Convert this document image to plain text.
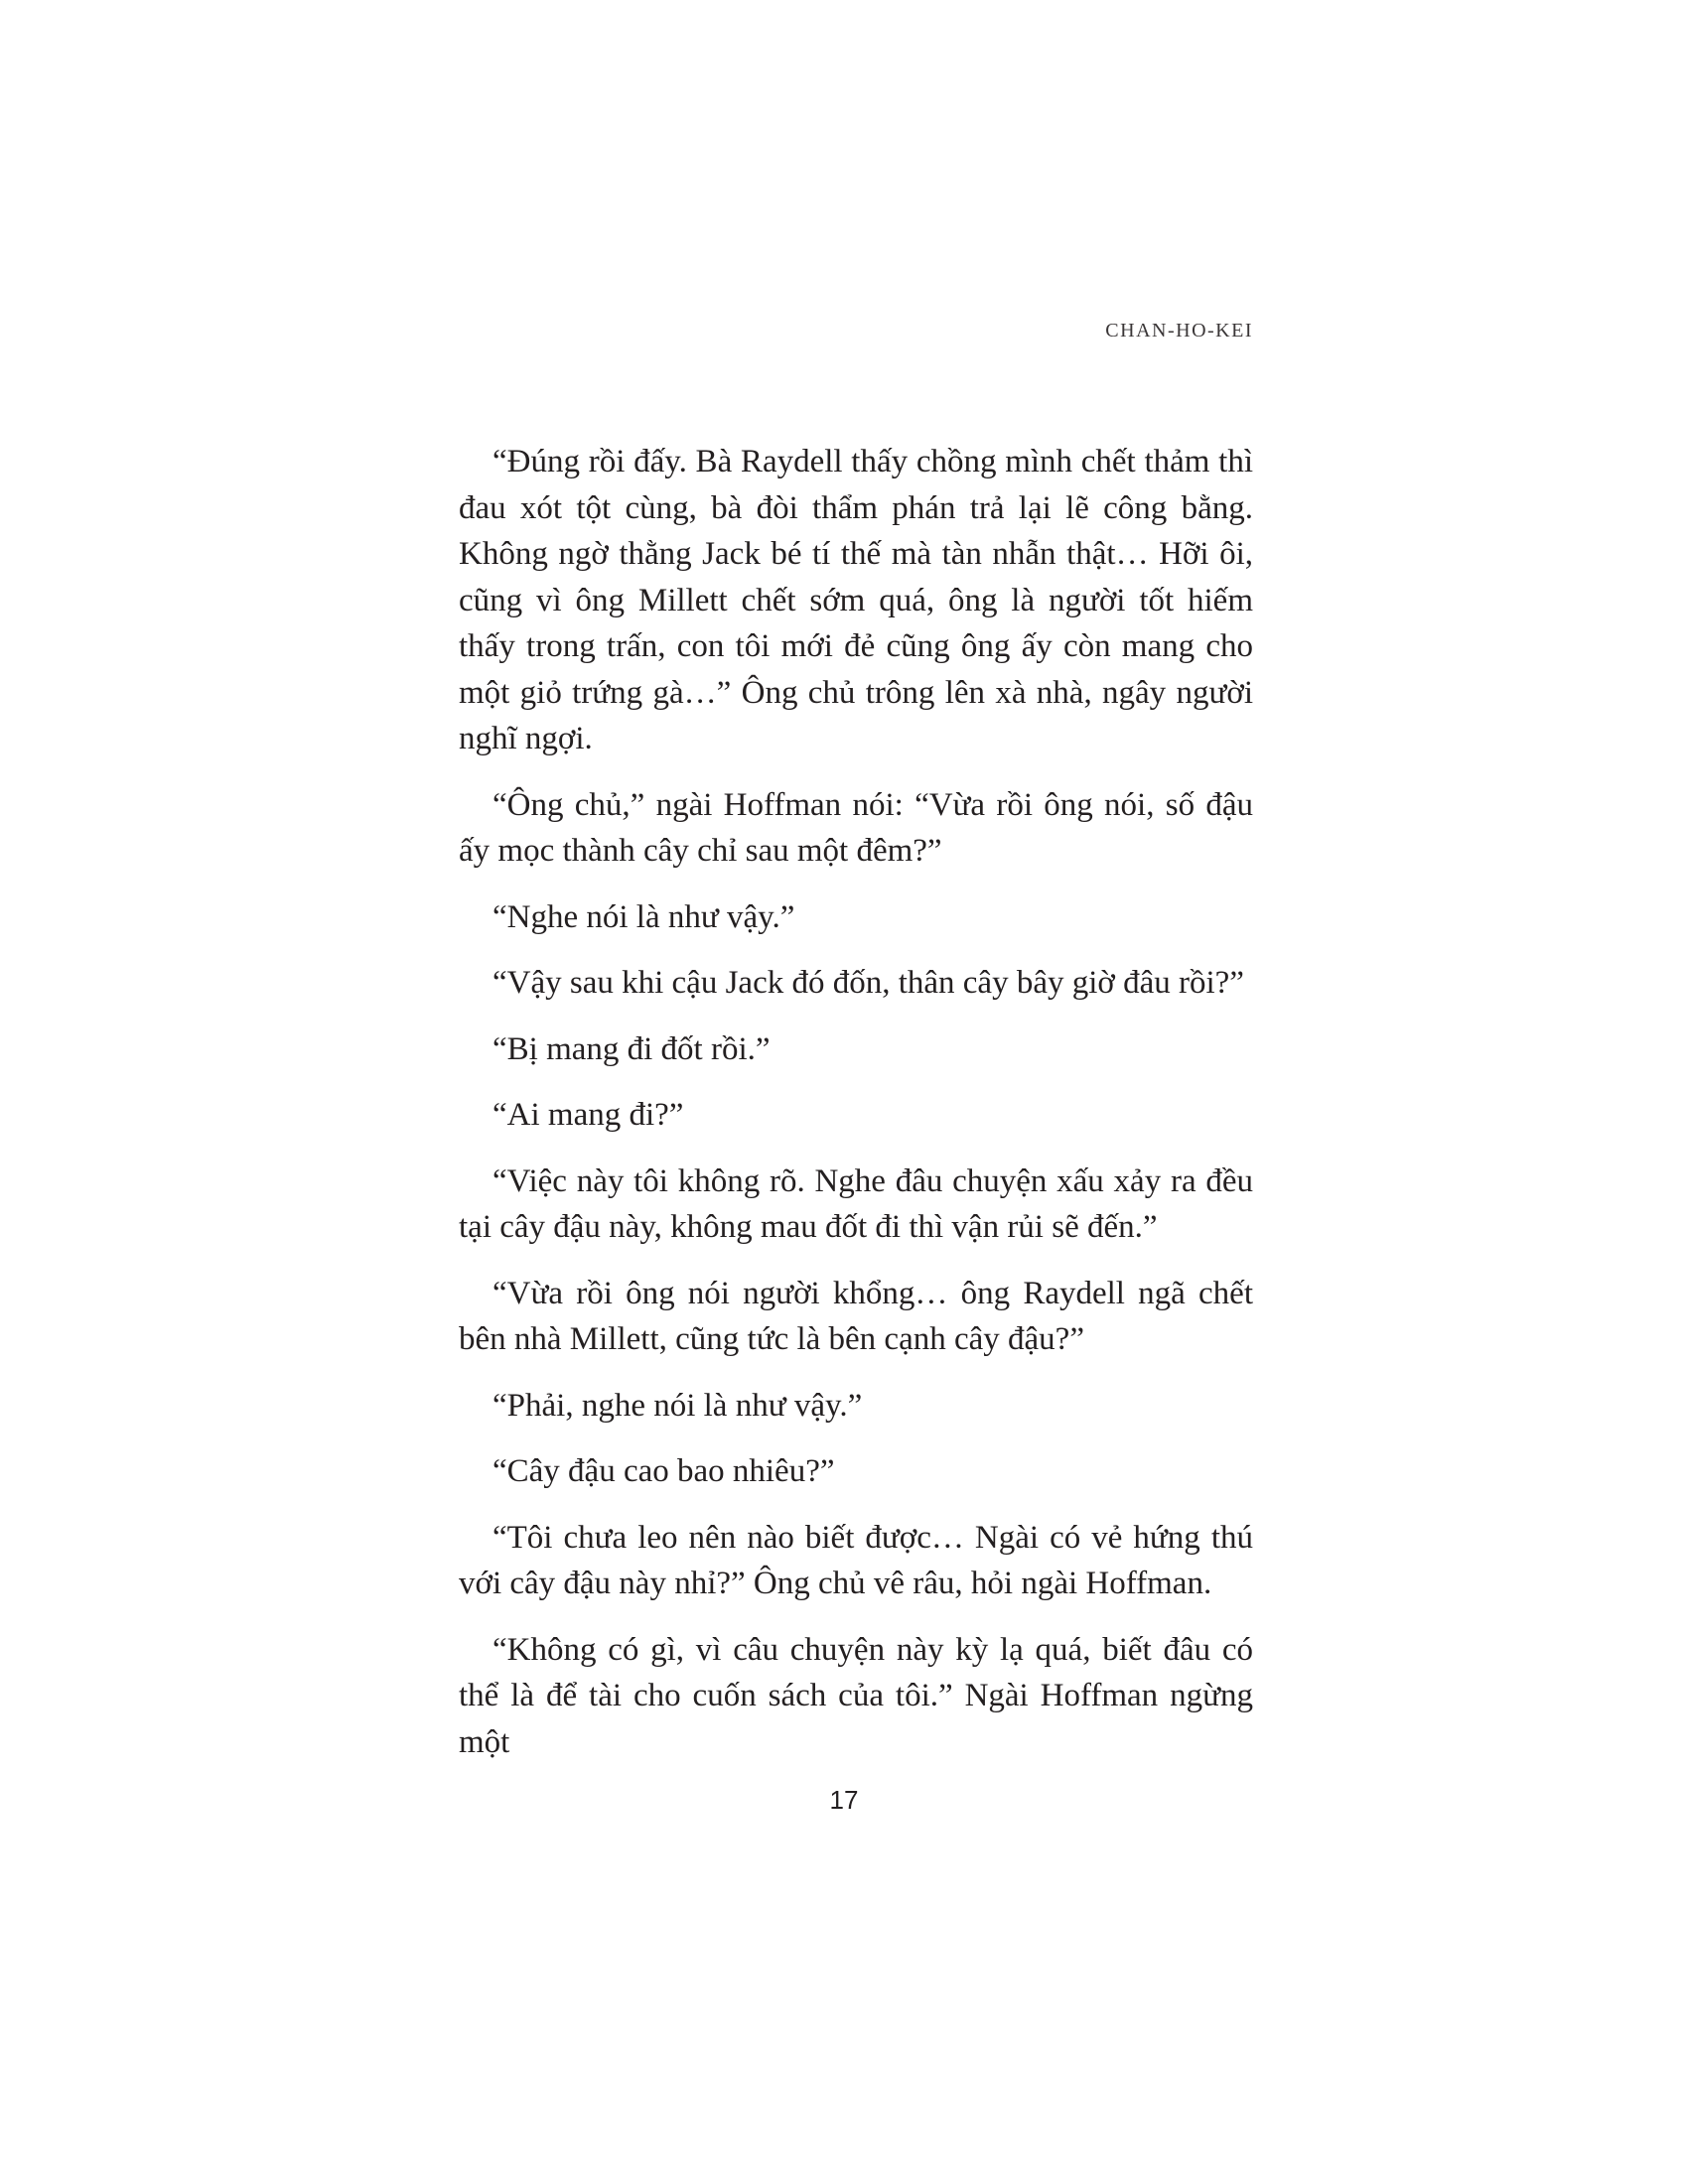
CHAN-HO-KEI

“Đúng rồi đấy. Bà Raydell thấy chồng mình chết thảm thì đau xót tột cùng, bà đòi thẩm phán trả lại lẽ công bằng. Không ngờ thằng Jack bé tí thế mà tàn nhẫn thật… Hỡi ôi, cũng vì ông Millett chết sớm quá, ông là người tốt hiếm thấy trong trấn, con tôi mới đẻ cũng ông ấy còn mang cho một giỏ trứng gà…” Ông chủ trông lên xà nhà, ngây người nghĩ ngợi.

“Ông chủ,” ngài Hoffman nói: “Vừa rồi ông nói, số đậu ấy mọc thành cây chỉ sau một đêm?”

“Nghe nói là như vậy.”

“Vậy sau khi cậu Jack đó đốn, thân cây bây giờ đâu rồi?”

“Bị mang đi đốt rồi.”

“Ai mang đi?”

“Việc này tôi không rõ. Nghe đâu chuyện xấu xảy ra đều tại cây đậu này, không mau đốt đi thì vận rủi sẽ đến.”

“Vừa rồi ông nói người khổng… ông Raydell ngã chết bên nhà Millett, cũng tức là bên cạnh cây đậu?”

“Phải, nghe nói là như vậy.”

“Cây đậu cao bao nhiêu?”

“Tôi chưa leo nên nào biết được… Ngài có vẻ hứng thú với cây đậu này nhỉ?” Ông chủ vê râu, hỏi ngài Hoffman.

“Không có gì, vì câu chuyện này kỳ lạ quá, biết đâu có thể là để tài cho cuốn sách của tôi.” Ngài Hoffman ngừng một

17
